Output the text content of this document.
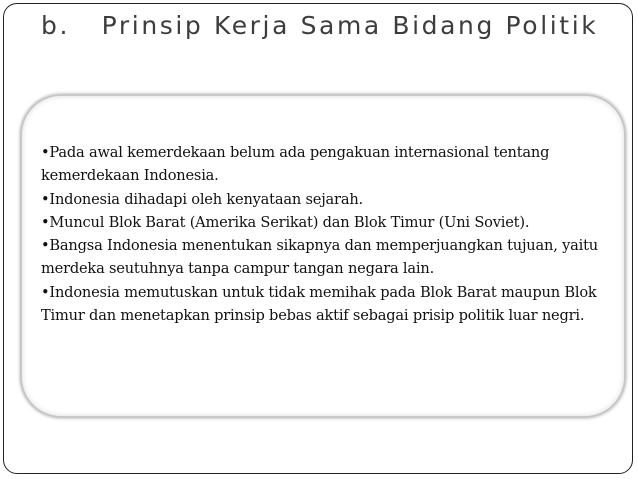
b.   Prinsip Kerja Sama Bidang Politik
•Pada awal kemerdekaan belum ada pengakuan internasional tentang kemerdekaan Indonesia.
•Indonesia dihadapi oleh kenyataan sejarah.
•Muncul Blok Barat (Amerika Serikat) dan Blok Timur (Uni Soviet).
•Bangsa Indonesia menentukan sikapnya dan memperjuangkan tujuan, yaitu merdeka seutuhnya tanpa campur tangan negara lain.
•Indonesia memutuskan untuk tidak memihak pada Blok Barat maupun Blok Timur dan menetapkan prinsip bebas aktif sebagai prisip politik luar negri.
